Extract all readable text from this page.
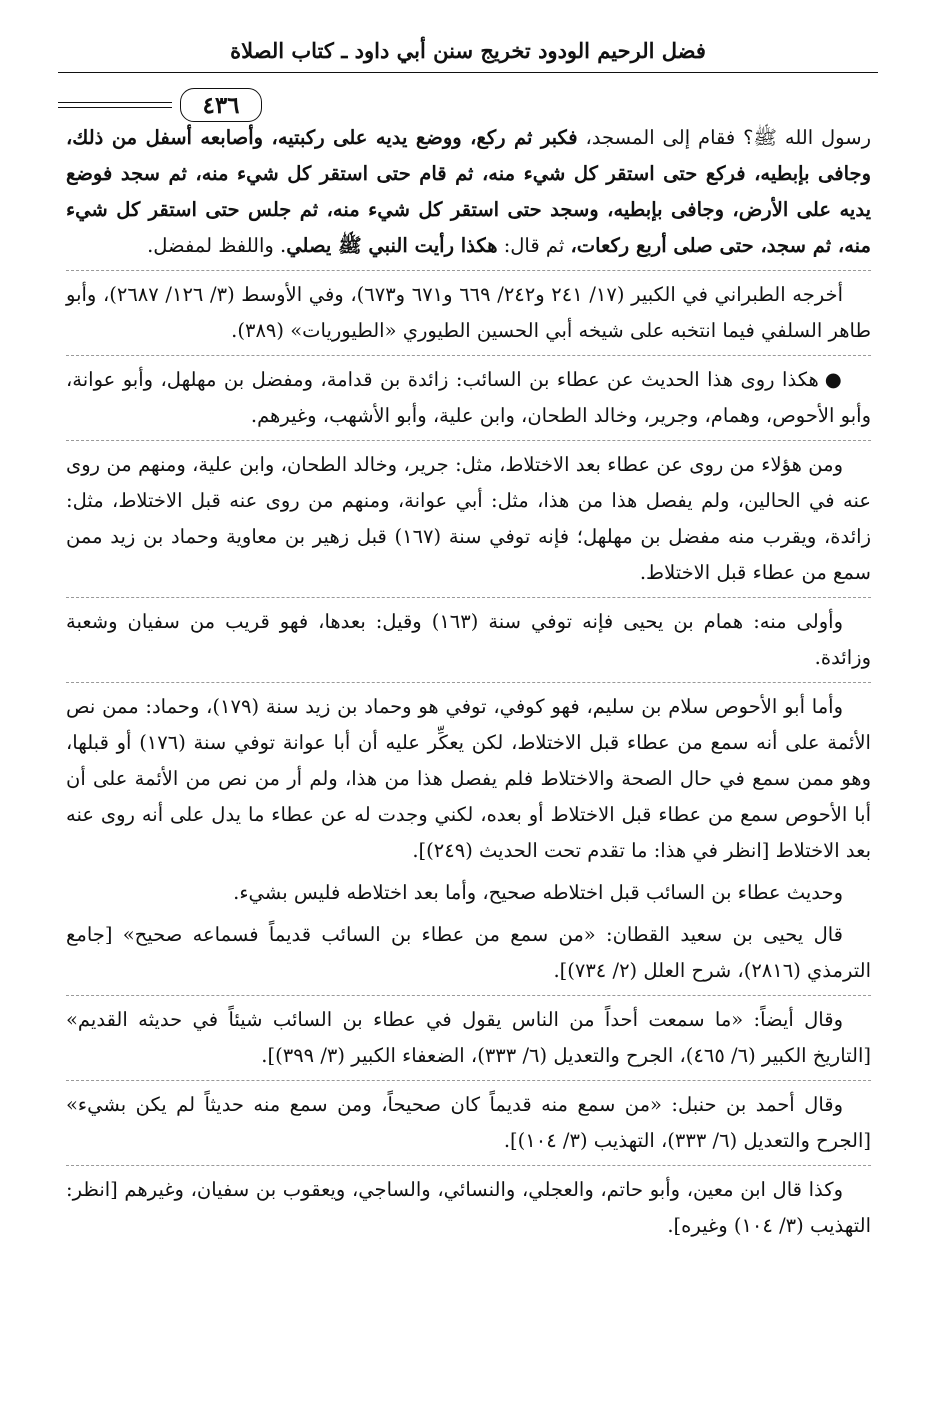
فضل الرحيم الودود تخريج سنن أبي داود ـ كتاب الصلاة
٤٣٦

رسول الله ﷺ؟ فقام إلى المسجد، فكبر ثم ركع، ووضع يديه على ركبتيه، وأصابعه أسفل من ذلك، وجافى بإبطيه، فركع حتى استقر كل شيء منه، ثم قام حتى استقر كل شيء منه، ثم سجد فوضع يديه على الأرض، وجافى بإبطيه، وسجد حتى استقر كل شيء منه، ثم جلس حتى استقر كل شيء منه، ثم سجد، حتى صلى أربع ركعات، ثم قال: هكذا رأيت النبي ﷺ يصلي. واللفظ لمفضل.

أخرجه الطبراني في الكبير (١٧/ ٢٤١ و٢٤٢/ ٦٦٩ و٦٧١ و٦٧٣)، وفي الأوسط (٣/ ١٢٦/ ٢٦٨٧)، وأبو طاهر السلفي فيما انتخبه على شيخه أبي الحسين الطيوري «الطيوريات» (٣٨٩).

●هكذا روى هذا الحديث عن عطاء بن السائب: زائدة بن قدامة، ومفضل بن مهلهل، وأبو عوانة، وأبو الأحوص، وهمام، وجرير، وخالد الطحان، وابن علية، وأبو الأشهب، وغيرهم.

ومن هؤلاء من روى عن عطاء بعد الاختلاط، مثل: جرير، وخالد الطحان، وابن علية، ومنهم من روى عنه في الحالين، ولم يفصل هذا من هذا، مثل: أبي عوانة، ومنهم من روى عنه قبل الاختلاط، مثل: زائدة، ويقرب منه مفضل بن مهلهل؛ فإنه توفي سنة (١٦٧) قبل زهير بن معاوية وحماد بن زيد ممن سمع من عطاء قبل الاختلاط.

وأولى منه: همام بن يحيى فإنه توفي سنة (١٦٣) وقيل: بعدها، فهو قريب من سفيان وشعبة وزائدة.

وأما أبو الأحوص سلام بن سليم، فهو كوفي، توفي هو وحماد بن زيد سنة (١٧٩)، وحماد: ممن نص الأئمة على أنه سمع من عطاء قبل الاختلاط، لكن يعكِّر عليه أن أبا عوانة توفي سنة (١٧٦) أو قبلها، وهو ممن سمع في حال الصحة والاختلاط فلم يفصل هذا من هذا، ولم أر من نص من الأئمة على أن أبا الأحوص سمع من عطاء قبل الاختلاط أو بعده، لكني وجدت له عن عطاء ما يدل على أنه روى عنه بعد الاختلاط [انظر في هذا: ما تقدم تحت الحديث (٢٤٩)].

وحديث عطاء بن السائب قبل اختلاطه صحيح، وأما بعد اختلاطه فليس بشيء.

قال يحيى بن سعيد القطان: «من سمع من عطاء بن السائب قديماً فسماعه صحيح» [جامع الترمذي (٢٨١٦)، شرح العلل (٢/ ٧٣٤)].

وقال أيضاً: «ما سمعت أحداً من الناس يقول في عطاء بن السائب شيئاً في حديثه القديم» [التاريخ الكبير (٦/ ٤٦٥)، الجرح والتعديل (٦/ ٣٣٣)، الضعفاء الكبير (٣/ ٣٩٩)].

وقال أحمد بن حنبل: «من سمع منه قديماً كان صحيحاً، ومن سمع منه حديثاً لم يكن بشيء» [الجرح والتعديل (٦/ ٣٣٣)، التهذيب (٣/ ١٠٤)].

وكذا قال ابن معين، وأبو حاتم، والعجلي، والنسائي، والساجي، ويعقوب بن سفيان، وغيرهم [انظر: التهذيب (٣/ ١٠٤) وغيره].
